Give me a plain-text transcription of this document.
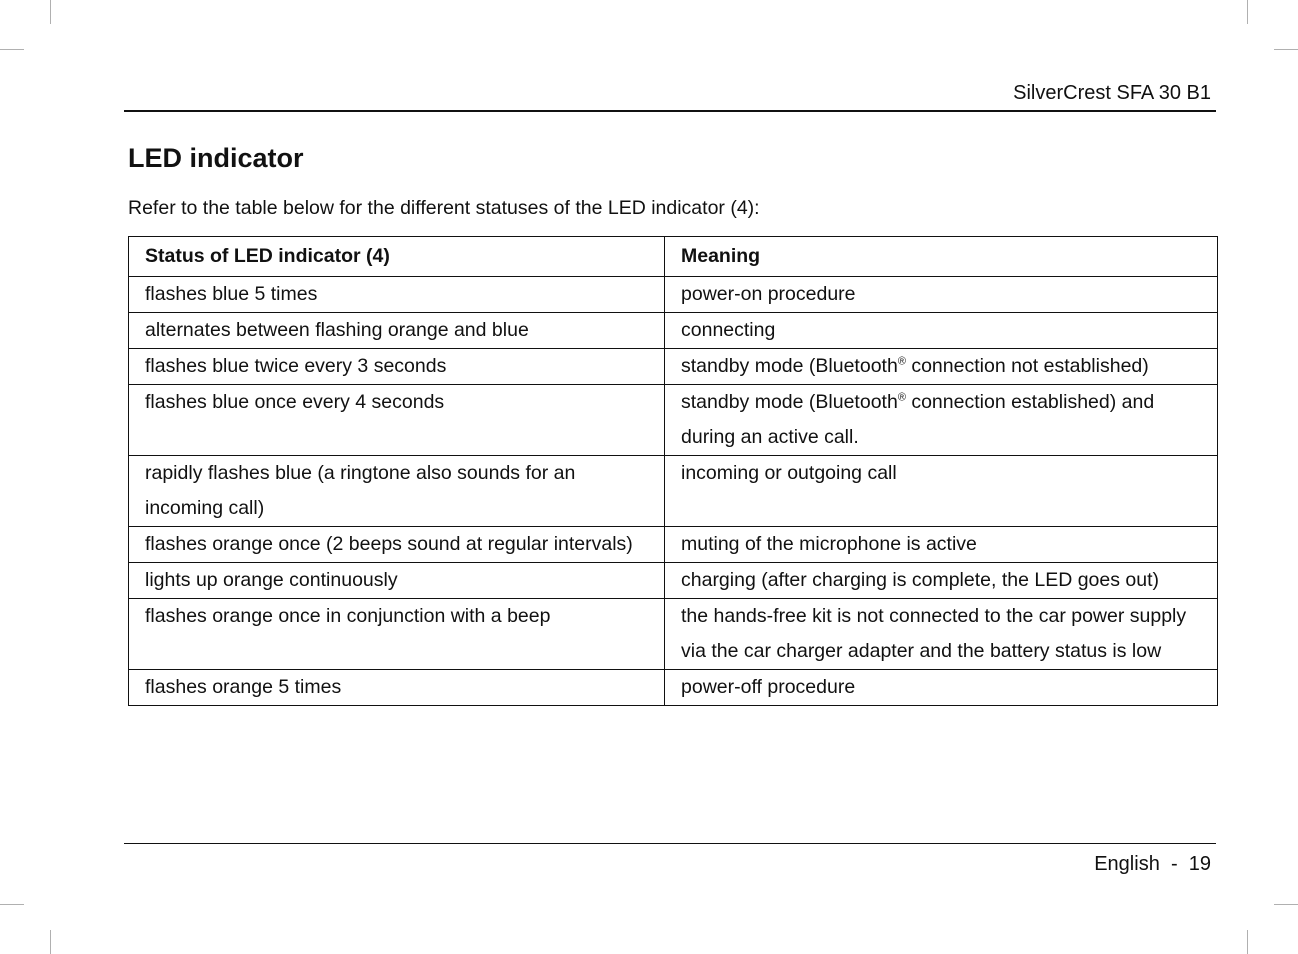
SilverCrest SFA 30 B1
LED indicator

Refer to the table below for the different statuses of the LED indicator (4):

Status of LED indicator (4)	Meaning
flashes blue 5 times	power-on procedure
alternates between flashing orange and blue	connecting
flashes blue twice every 3 seconds	standby mode (Bluetooth® connection not established)
flashes blue once every 4 seconds	standby mode (Bluetooth® connection established) and during an active call.
rapidly flashes blue (a ringtone also sounds for an incoming call)	incoming or outgoing call
flashes orange once (2 beeps sound at regular intervals)	muting of the microphone is active
lights up orange continuously	charging (after charging is complete, the LED goes out)
flashes orange once in conjunction with a beep	the hands-free kit is not connected to the car power supply via the car charger adapter and the battery status is low
flashes orange 5 times	power-off procedure
English - 19
